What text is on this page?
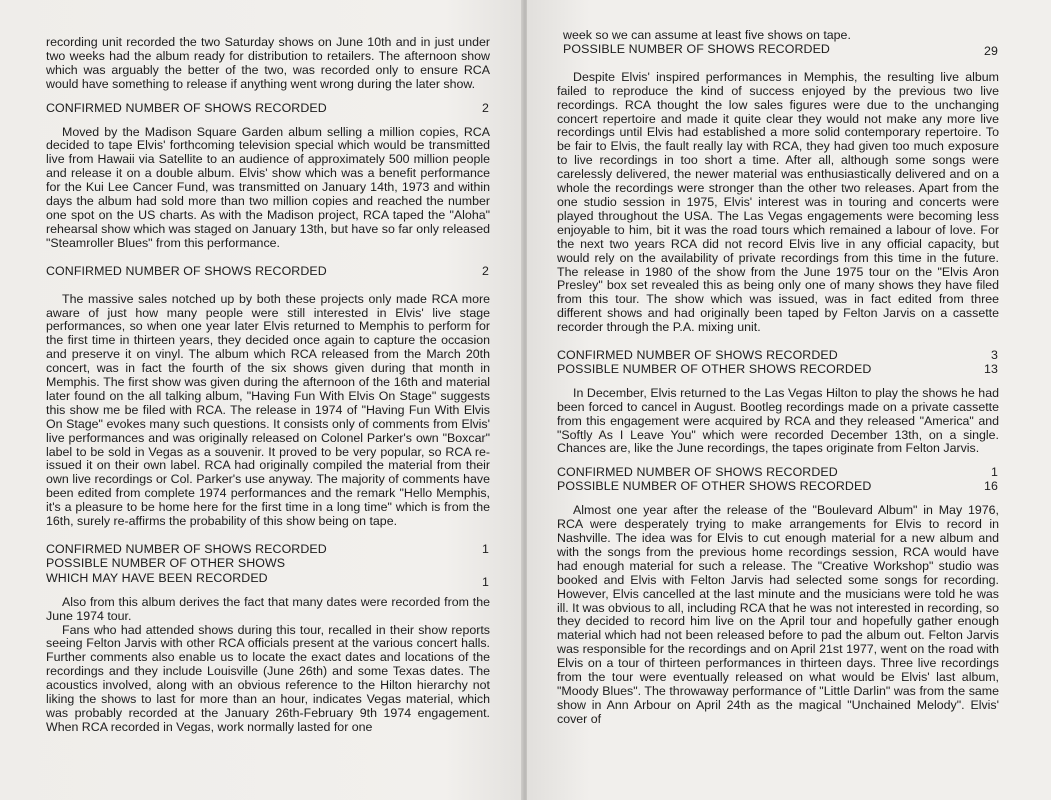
recording unit recorded the two Saturday shows on June 10th and in just under two weeks had the album ready for distribution to retailers. The afternoon show which was arguably the better of the two, was recorded only to ensure RCA would have something to release if anything went wrong during the later show.

CONFIRMED NUMBER OF SHOWS RECORDED	2

Moved by the Madison Square Garden album selling a million copies, RCA decided to tape Elvis' forthcoming television special which would be transmitted live from Hawaii via Satellite to an audience of approximately 500 million people and release it on a double album. Elvis' show which was a benefit performance for the Kui Lee Cancer Fund, was transmitted on January 14th, 1973 and within days the album had sold more than two million copies and reached the number one spot on the US charts. As with the Madison project, RCA taped the "Aloha" rehearsal show which was staged on January 13th, but have so far only released "Steamroller Blues" from this performance.

CONFIRMED NUMBER OF SHOWS RECORDED	2

The massive sales notched up by both these projects only made RCA more aware of just how many people were still interested in Elvis' live stage performances, so when one year later Elvis returned to Memphis to perform for the first time in thirteen years, they decided once again to capture the occasion and preserve it on vinyl. The album which RCA released from the March 20th concert, was in fact the fourth of the six shows given during that month in Memphis. The first show was given during the afternoon of the 16th and material later found on the all talking album, "Having Fun With Elvis On Stage" suggests this show me be filed with RCA. The release in 1974 of "Having Fun With Elvis On Stage" evokes many such questions. It consists only of comments from Elvis' live performances and was originally released on Colonel Parker's own "Boxcar" label to be sold in Vegas as a souvenir. It proved to be very popular, so RCA re-issued it on their own label. RCA had originally compiled the material from their own live recordings or Col. Parker's use anyway. The majority of comments have been edited from complete 1974 performances and the remark "Hello Memphis, it's a pleasure to be home here for the first time in a long time" which is from the 16th, surely re-affirms the probability of this show being on tape.

CONFIRMED NUMBER OF SHOWS RECORDED	1
POSSIBLE NUMBER OF OTHER SHOWS
WHICH MAY HAVE BEEN RECORDED	1

Also from this album derives the fact that many dates were recorded from the June 1974 tour.

Fans who had attended shows during this tour, recalled in their show reports seeing Felton Jarvis with other RCA officials present at the various concert halls. Further comments also enable us to locate the exact dates and locations of the recordings and they include Louisville (June 26th) and some Texas dates. The acoustics involved, along with an obvious reference to the Hilton hierarchy not liking the shows to last for more than an hour, indicates Vegas material, which was probably recorded at the January 26th-February 9th 1974 engagement. When RCA recorded in Vegas, work normally lasted for one

week so we can assume at least five shows on tape.

POSSIBLE NUMBER OF SHOWS RECORDED	29

Despite Elvis' inspired performances in Memphis, the resulting live album failed to reproduce the kind of success enjoyed by the previous two live recordings. RCA thought the low sales figures were due to the unchanging concert repertoire and made it quite clear they would not make any more live recordings until Elvis had established a more solid contemporary repertoire. To be fair to Elvis, the fault really lay with RCA, they had given too much exposure to live recordings in too short a time. After all, although some songs were carelessly delivered, the newer material was enthusiastically delivered and on a whole the recordings were stronger than the other two releases. Apart from the one studio session in 1975, Elvis' interest was in touring and concerts were played throughout the USA. The Las Vegas engagements were becoming less enjoyable to him, bit it was the road tours which remained a labour of love. For the next two years RCA did not record Elvis live in any official capacity, but would rely on the availability of private recordings from this time in the future. The release in 1980 of the show from the June 1975 tour on the "Elvis Aron Presley" box set revealed this as being only one of many shows they have filed from this tour. The show which was issued, was in fact edited from three different shows and had originally been taped by Felton Jarvis on a cassette recorder through the P.A. mixing unit.

CONFIRMED NUMBER OF SHOWS RECORDED	3
POSSIBLE NUMBER OF OTHER SHOWS RECORDED	13

In December, Elvis returned to the Las Vegas Hilton to play the shows he had been forced to cancel in August. Bootleg recordings made on a private cassette from this engagement were acquired by RCA and they released "America" and "Softly As I Leave You" which were recorded December 13th, on a single. Chances are, like the June recordings, the tapes originate from Felton Jarvis.

CONFIRMED NUMBER OF SHOWS RECORDED	1
POSSIBLE NUMBER OF OTHER SHOWS RECORDED	16

Almost one year after the release of the "Boulevard Album" in May 1976, RCA were desperately trying to make arrangements for Elvis to record in Nashville. The idea was for Elvis to cut enough material for a new album and with the songs from the previous home recordings session, RCA would have had enough material for such a release. The "Creative Workshop" studio was booked and Elvis with Felton Jarvis had selected some songs for recording. However, Elvis cancelled at the last minute and the musicians were told he was ill. It was obvious to all, including RCA that he was not interested in recording, so they decided to record him live on the April tour and hopefully gather enough material which had not been released before to pad the album out. Felton Jarvis was responsible for the recordings and on April 21st 1977, went on the road with Elvis on a tour of thirteen performances in thirteen days. Three live recordings from the tour were eventually released on what would be Elvis' last album, "Moody Blues". The throwaway performance of "Little Darlin" was from the same show in Ann Arbour on April 24th as the magical "Unchained Melody". Elvis' cover of
